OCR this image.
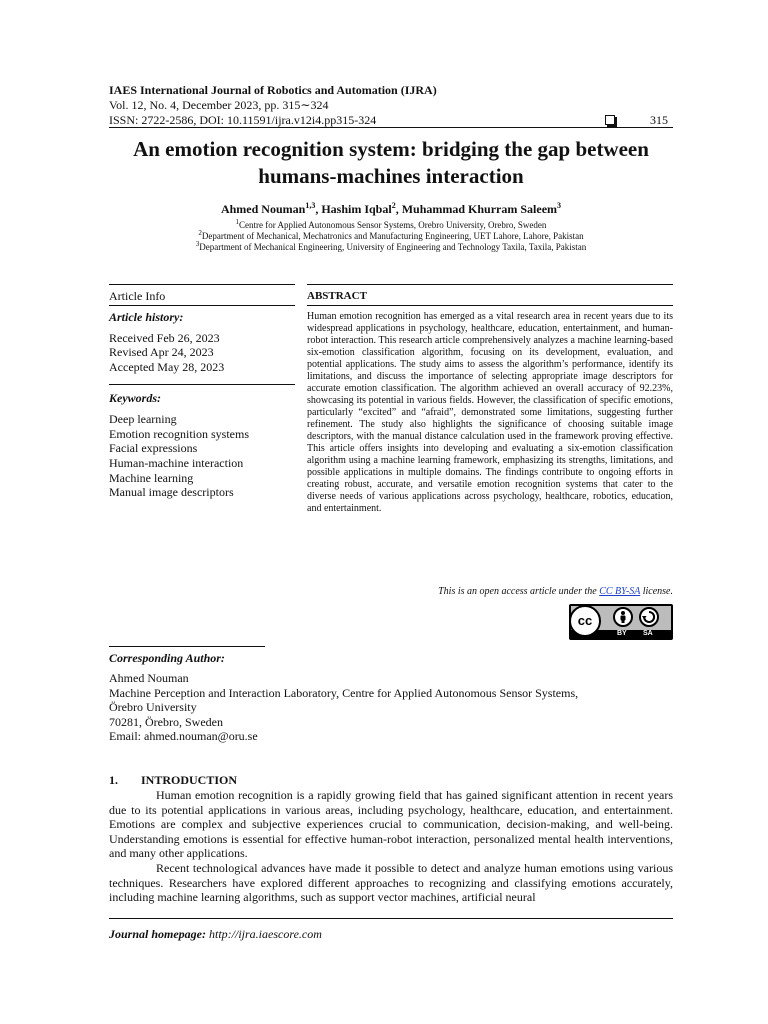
IAES International Journal of Robotics and Automation (IJRA)
Vol. 12, No. 4, December 2023, pp. 315∼324
ISSN: 2722-2586, DOI: 10.11591/ijra.v12i4.pp315-324	315
An emotion recognition system: bridging the gap between
humans-machines interaction
Ahmed Nouman$^{1,3}$, Hashim Iqbal$^2$, Muhammad Khurram Saleem$^3$
$^1$Centre for Applied Autonomous Sensor Systems, Orebro University, Orebro, Sweden
$^2$Department of Mechanical, Mechatronics and Manufacturing Engineering, UET Lahore, Lahore, Pakistan
$^3$Department of Mechanical Engineering, University of Engineering and Technology Taxila, Taxila, Pakistan
Article Info
Article history:
Received Feb 26, 2023
Revised Apr 24, 2023
Accepted May 28, 2023
Keywords:
Deep learning
Emotion recognition systems
Facial expressions
Human-machine interaction
Machine learning
Manual image descriptors
ABSTRACT
Human emotion recognition has emerged as a vital research area in recent years due to its widespread applications in psychology, healthcare, education, entertainment, and human-robot interaction. This research article comprehensively analyzes a machine learning-based six-emotion classification algorithm, focusing on its development, evaluation, and potential applications. The study aims to assess the algorithm’s performance, identify its limitations, and discuss the importance of selecting appropriate image descriptors for accurate emotion classification. The algorithm achieved an overall accuracy of 92.23%, showcasing its potential in various fields. However, the classification of specific emotions, particularly “excited” and “afraid”, demonstrated some limitations, suggesting further refinement. The study also highlights the significance of choosing suitable image descriptors, with the manual distance calculation used in the framework proving effective. This article offers insights into developing and evaluating a six-emotion classification algorithm using a machine learning framework, emphasizing its strengths, limitations, and possible applications in multiple domains. The findings contribute to ongoing efforts in creating robust, accurate, and versatile emotion recognition systems that cater to the diverse needs of various applications across psychology, healthcare, robotics, education, and entertainment.
This is an open access article under the CC BY-SA license.
cc
BY SA
Corresponding Author:
Ahmed Nouman
Machine Perception and Interaction Laboratory, Centre for Applied Autonomous Sensor Systems,
Örebro University
70281, Örebro, Sweden
Email: ahmed.nouman@oru.se
1. INTRODUCTION
Human emotion recognition is a rapidly growing field that has gained significant attention in recent years due to its potential applications in various areas, including psychology, healthcare, education, and entertainment. Emotions are complex and subjective experiences crucial to communication, decision-making, and well-being. Understanding emotions is essential for effective human-robot interaction, personalized mental health interventions, and many other applications.
Recent technological advances have made it possible to detect and analyze human emotions using various techniques. Researchers have explored different approaches to recognizing and classifying emotions accurately, including machine learning algorithms, such as support vector machines, artificial neural
Journal homepage: http://ijra.iaescore.com
